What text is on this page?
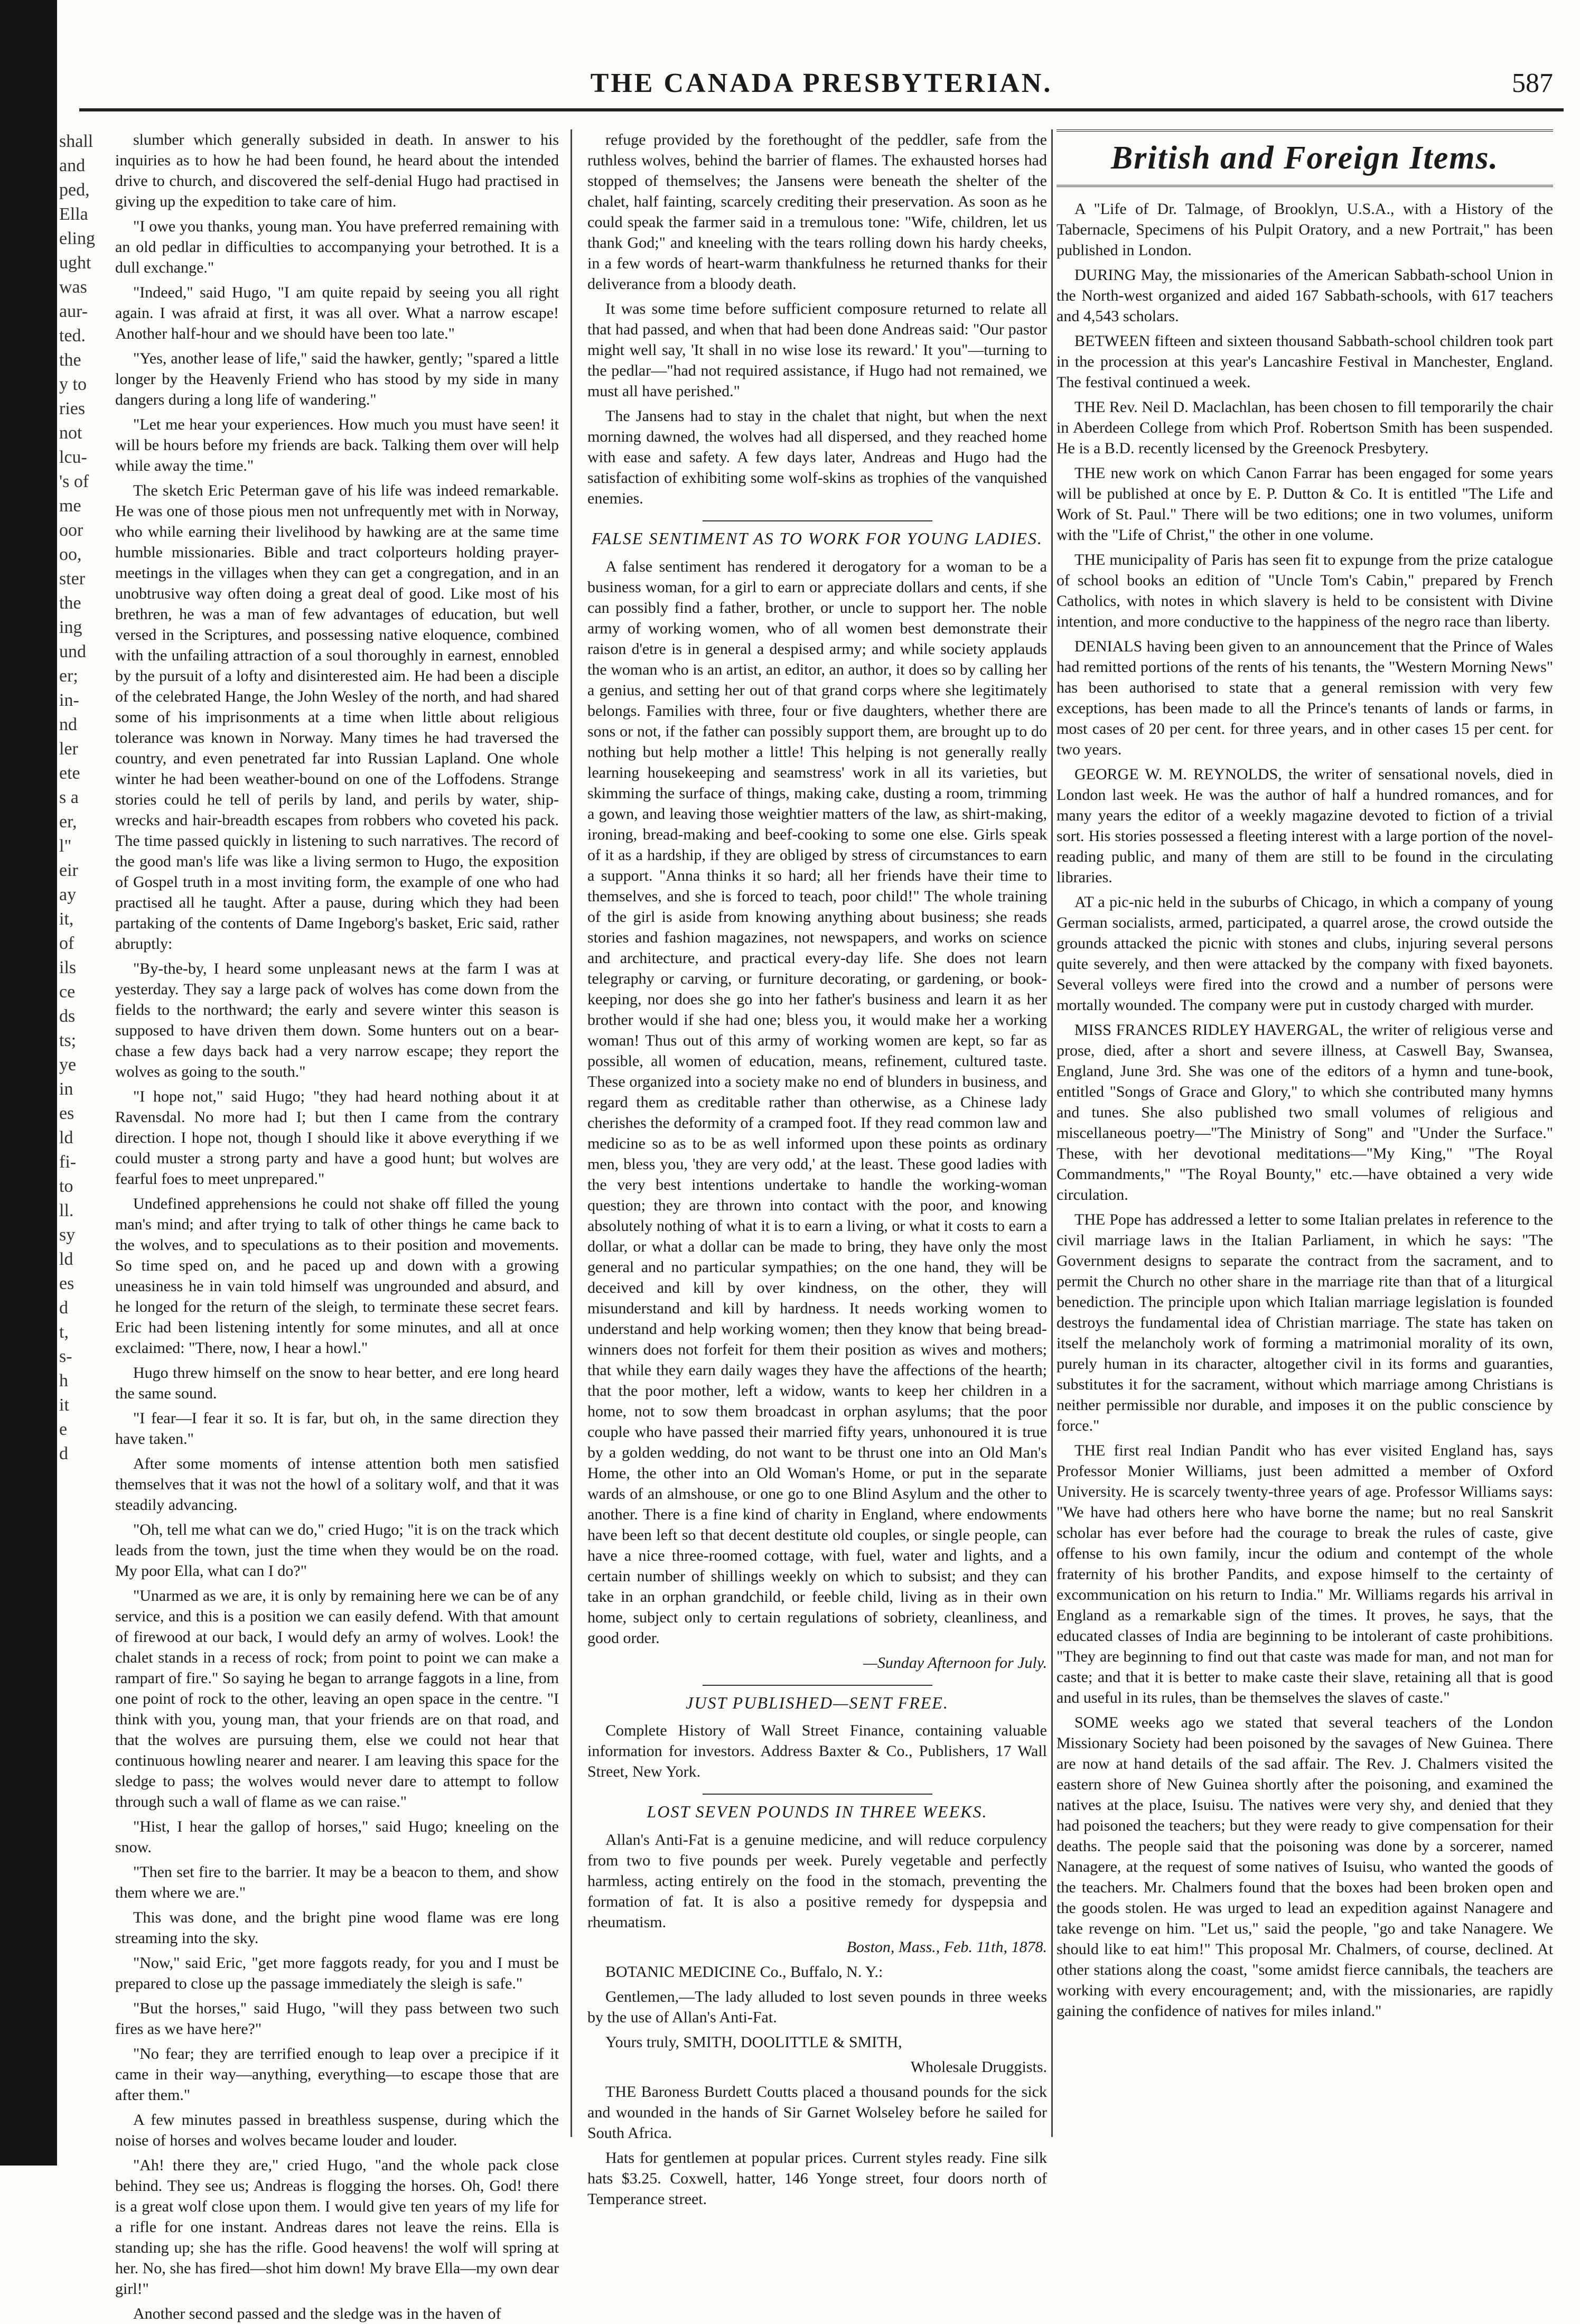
THE CANADA PRESBYTERIAN.	587
shall
and
ped,
Ella
eling
ught
was
aur-
ted.
the
y to
ries
not
lcu-
's of
me
oor
oo,
ster
the
ing
und
er;
in-
nd
ler
ete
s a
er,
l"
eir
ay
it,
of
ils
ce
ds
ts;
ye
in
es
ld
fi-
to
ll.
sy
ld
es
d
t,
s-
h
it
e
d

slumber which generally subsided in death. In answer to his inquiries as to how he had been found, he heard about the intended drive to church, and discovered the self-denial Hugo had practised in giving up the expedition to take care of him.

"I owe you thanks, young man. You have preferred remaining with an old pedlar in difficulties to accompanying your betrothed. It is a dull exchange."

"Indeed," said Hugo, "I am quite repaid by seeing you all right again. I was afraid at first, it was all over. What a narrow escape! Another half-hour and we should have been too late."

"Yes, another lease of life," said the hawker, gently; "spared a little longer by the Heavenly Friend who has stood by my side in many dangers during a long life of wandering."

"Let me hear your experiences. How much you must have seen! it will be hours before my friends are back. Talking them over will help while away the time."

The sketch Eric Peterman gave of his life was indeed remarkable. He was one of those pious men not unfrequently met with in Norway, who while earning their livelihood by hawking are at the same time humble missionaries. Bible and tract colporteurs holding prayer-meetings in the villages when they can get a congregation, and in an unobtrusive way often doing a great deal of good. Like most of his brethren, he was a man of few advantages of education, but well versed in the Scriptures, and possessing native eloquence, combined with the unfailing attraction of a soul thoroughly in earnest, ennobled by the pursuit of a lofty and disinterested aim. He had been a disciple of the celebrated Hange, the John Wesley of the north, and had shared some of his imprisonments at a time when little about religious tolerance was known in Norway. Many times he had traversed the country, and even penetrated far into Russian Lapland. One whole winter he had been weather-bound on one of the Loffodens. Strange stories could he tell of perils by land, and perils by water, ship-wrecks and hair-breadth escapes from robbers who coveted his pack. The time passed quickly in listening to such narratives. The record of the good man's life was like a living sermon to Hugo, the exposition of Gospel truth in a most inviting form, the example of one who had practised all he taught. After a pause, during which they had been partaking of the contents of Dame Ingeborg's basket, Eric said, rather abruptly:

"By-the-by, I heard some unpleasant news at the farm I was at yesterday. They say a large pack of wolves has come down from the fields to the northward; the early and severe winter this season is supposed to have driven them down. Some hunters out on a bear-chase a few days back had a very narrow escape; they report the wolves as going to the south."

"I hope not," said Hugo; "they had heard nothing about it at Ravensdal. No more had I; but then I came from the contrary direction. I hope not, though I should like it above everything if we could muster a strong party and have a good hunt; but wolves are fearful foes to meet unprepared."

Undefined apprehensions he could not shake off filled the young man's mind; and after trying to talk of other things he came back to the wolves, and to speculations as to their position and movements. So time sped on, and he paced up and down with a growing uneasiness he in vain told himself was ungrounded and absurd, and he longed for the return of the sleigh, to terminate these secret fears. Eric had been listening intently for some minutes, and all at once exclaimed: "There, now, I hear a howl."

Hugo threw himself on the snow to hear better, and ere long heard the same sound.

"I fear—I fear it so. It is far, but oh, in the same direction they have taken."

After some moments of intense attention both men satisfied themselves that it was not the howl of a solitary wolf, and that it was steadily advancing.

"Oh, tell me what can we do," cried Hugo; "it is on the track which leads from the town, just the time when they would be on the road. My poor Ella, what can I do?"

"Unarmed as we are, it is only by remaining here we can be of any service, and this is a position we can easily defend. With that amount of firewood at our back, I would defy an army of wolves. Look! the chalet stands in a recess of rock; from point to point we can make a rampart of fire." So saying he began to arrange faggots in a line, from one point of rock to the other, leaving an open space in the centre. "I think with you, young man, that your friends are on that road, and that the wolves are pursuing them, else we could not hear that continuous howling nearer and nearer. I am leaving this space for the sledge to pass; the wolves would never dare to attempt to follow through such a wall of flame as we can raise."

"Hist, I hear the gallop of horses," said Hugo; kneeling on the snow.

"Then set fire to the barrier. It may be a beacon to them, and show them where we are."

This was done, and the bright pine wood flame was ere long streaming into the sky.

"Now," said Eric, "get more faggots ready, for you and I must be prepared to close up the passage immediately the sleigh is safe."

"But the horses," said Hugo, "will they pass between two such fires as we have here?"

"No fear; they are terrified enough to leap over a precipice if it came in their way—anything, everything—to escape those that are after them."

A few minutes passed in breathless suspense, during which the noise of horses and wolves became louder and louder.

"Ah! there they are," cried Hugo, "and the whole pack close behind. They see us; Andreas is flogging the horses. Oh, God! there is a great wolf close upon them. I would give ten years of my life for a rifle for one instant. Andreas dares not leave the reins. Ella is standing up; she has the rifle. Good heavens! the wolf will spring at her. No, she has fired—shot him down! My brave Ella—my own dear girl!"

Another second passed and the sledge was in the haven of

refuge provided by the forethought of the peddler, safe from the ruthless wolves, behind the barrier of flames. The exhausted horses had stopped of themselves; the Jansens were beneath the shelter of the chalet, half fainting, scarcely crediting their preservation. As soon as he could speak the farmer said in a tremulous tone: "Wife, children, let us thank God;" and kneeling with the tears rolling down his hardy cheeks, in a few words of heart-warm thankfulness he returned thanks for their deliverance from a bloody death.

It was some time before sufficient composure returned to relate all that had passed, and when that had been done Andreas said: "Our pastor might well say, 'It shall in no wise lose its reward.' It you"—turning to the pedlar—"had not required assistance, if Hugo had not remained, we must all have perished."

The Jansens had to stay in the chalet that night, but when the next morning dawned, the wolves had all dispersed, and they reached home with ease and safety. A few days later, Andreas and Hugo had the satisfaction of exhibiting some wolf-skins as trophies of the vanquished enemies.

FALSE SENTIMENT AS TO WORK FOR YOUNG LADIES.

A false sentiment has rendered it derogatory for a woman to be a business woman, for a girl to earn or appreciate dollars and cents, if she can possibly find a father, brother, or uncle to support her. The noble army of working women, who of all women best demonstrate their raison d'etre is in general a despised army; and while society applauds the woman who is an artist, an editor, an author, it does so by calling her a genius, and setting her out of that grand corps where she legitimately belongs. Families with three, four or five daughters, whether there are sons or not, if the father can possibly support them, are brought up to do nothing but help mother a little! This helping is not generally really learning housekeeping and seamstress' work in all its varieties, but skimming the surface of things, making cake, dusting a room, trimming a gown, and leaving those weightier matters of the law, as shirt-making, ironing, bread-making and beef-cooking to some one else. Girls speak of it as a hardship, if they are obliged by stress of circumstances to earn a support. "Anna thinks it so hard; all her friends have their time to themselves, and she is forced to teach, poor child!" The whole training of the girl is aside from knowing anything about business; she reads stories and fashion magazines, not newspapers, and works on science and architecture, and practical every-day life. She does not learn telegraphy or carving, or furniture decorating, or gardening, or book-keeping, nor does she go into her father's business and learn it as her brother would if she had one; bless you, it would make her a working woman! Thus out of this army of working women are kept, so far as possible, all women of education, means, refinement, cultured taste. These organized into a society make no end of blunders in business, and regard them as creditable rather than otherwise, as a Chinese lady cherishes the deformity of a cramped foot. If they read common law and medicine so as to be as well informed upon these points as ordinary men, bless you, 'they are very odd,' at the least. These good ladies with the very best intentions undertake to handle the working-woman question; they are thrown into contact with the poor, and knowing absolutely nothing of what it is to earn a living, or what it costs to earn a dollar, or what a dollar can be made to bring, they have only the most general and no particular sympathies; on the one hand, they will be deceived and kill by over kindness, on the other, they will misunderstand and kill by hardness. It needs working women to understand and help working women; then they know that being bread-winners does not forfeit for them their position as wives and mothers; that while they earn daily wages they have the affections of the hearth; that the poor mother, left a widow, wants to keep her children in a home, not to sow them broadcast in orphan asylums; that the poor couple who have passed their married fifty years, unhonoured it is true by a golden wedding, do not want to be thrust one into an Old Man's Home, the other into an Old Woman's Home, or put in the separate wards of an almshouse, or one go to one Blind Asylum and the other to another. There is a fine kind of charity in England, where endowments have been left so that decent destitute old couples, or single people, can have a nice three-roomed cottage, with fuel, water and lights, and a certain number of shillings weekly on which to subsist; and they can take in an orphan grandchild, or feeble child, living as in their own home, subject only to certain regulations of sobriety, cleanliness, and good order.

—Sunday Afternoon for July.

JUST PUBLISHED—SENT FREE.

Complete History of Wall Street Finance, containing valuable information for investors. Address Baxter & Co., Publishers, 17 Wall Street, New York.

LOST SEVEN POUNDS IN THREE WEEKS.

Allan's Anti-Fat is a genuine medicine, and will reduce corpulency from two to five pounds per week. Purely vegetable and perfectly harmless, acting entirely on the food in the stomach, preventing the formation of fat. It is also a positive remedy for dyspepsia and rheumatism.

Boston, Mass., Feb. 11th, 1878.

BOTANIC MEDICINE Co., Buffalo, N. Y.:

Gentlemen,—The lady alluded to lost seven pounds in three weeks by the use of Allan's Anti-Fat.

Yours truly, SMITH, DOOLITTLE & SMITH,

Wholesale Druggists.

THE Baroness Burdett Coutts placed a thousand pounds for the sick and wounded in the hands of Sir Garnet Wolseley before he sailed for South Africa.

Hats for gentlemen at popular prices. Current styles ready. Fine silk hats $3.25. Coxwell, hatter, 146 Yonge street, four doors north of Temperance street.

British and Foreign Items.

A "Life of Dr. Talmage, of Brooklyn, U.S.A., with a History of the Tabernacle, Specimens of his Pulpit Oratory, and a new Portrait," has been published in London.

DURING May, the missionaries of the American Sabbath-school Union in the North-west organized and aided 167 Sabbath-schools, with 617 teachers and 4,543 scholars.

BETWEEN fifteen and sixteen thousand Sabbath-school children took part in the procession at this year's Lancashire Festival in Manchester, England. The festival continued a week.

THE Rev. Neil D. Maclachlan, has been chosen to fill temporarily the chair in Aberdeen College from which Prof. Robertson Smith has been suspended. He is a B.D. recently licensed by the Greenock Presbytery.

THE new work on which Canon Farrar has been engaged for some years will be published at once by E. P. Dutton & Co. It is entitled "The Life and Work of St. Paul." There will be two editions; one in two volumes, uniform with the "Life of Christ," the other in one volume.

THE municipality of Paris has seen fit to expunge from the prize catalogue of school books an edition of "Uncle Tom's Cabin," prepared by French Catholics, with notes in which slavery is held to be consistent with Divine intention, and more conductive to the happiness of the negro race than liberty.

DENIALS having been given to an announcement that the Prince of Wales had remitted portions of the rents of his tenants, the "Western Morning News" has been authorised to state that a general remission with very few exceptions, has been made to all the Prince's tenants of lands or farms, in most cases of 20 per cent. for three years, and in other cases 15 per cent. for two years.

GEORGE W. M. REYNOLDS, the writer of sensational novels, died in London last week. He was the author of half a hundred romances, and for many years the editor of a weekly magazine devoted to fiction of a trivial sort. His stories possessed a fleeting interest with a large portion of the novel-reading public, and many of them are still to be found in the circulating libraries.

AT a pic-nic held in the suburbs of Chicago, in which a company of young German socialists, armed, participated, a quarrel arose, the crowd outside the grounds attacked the picnic with stones and clubs, injuring several persons quite severely, and then were attacked by the company with fixed bayonets. Several volleys were fired into the crowd and a number of persons were mortally wounded. The company were put in custody charged with murder.

MISS FRANCES RIDLEY HAVERGAL, the writer of religious verse and prose, died, after a short and severe illness, at Caswell Bay, Swansea, England, June 3rd. She was one of the editors of a hymn and tune-book, entitled "Songs of Grace and Glory," to which she contributed many hymns and tunes. She also published two small volumes of religious and miscellaneous poetry—"The Ministry of Song" and "Under the Surface." These, with her devotional meditations—"My King," "The Royal Commandments," "The Royal Bounty," etc.—have obtained a very wide circulation.

THE Pope has addressed a letter to some Italian prelates in reference to the civil marriage laws in the Italian Parliament, in which he says: "The Government designs to separate the contract from the sacrament, and to permit the Church no other share in the marriage rite than that of a liturgical benediction. The principle upon which Italian marriage legislation is founded destroys the fundamental idea of Christian marriage. The state has taken on itself the melancholy work of forming a matrimonial morality of its own, purely human in its character, altogether civil in its forms and guaranties, substitutes it for the sacrament, without which marriage among Christians is neither permissible nor durable, and imposes it on the public conscience by force."

THE first real Indian Pandit who has ever visited England has, says Professor Monier Williams, just been admitted a member of Oxford University. He is scarcely twenty-three years of age. Professor Williams says: "We have had others here who have borne the name; but no real Sanskrit scholar has ever before had the courage to break the rules of caste, give offense to his own family, incur the odium and contempt of the whole fraternity of his brother Pandits, and expose himself to the certainty of excommunication on his return to India." Mr. Williams regards his arrival in England as a remarkable sign of the times. It proves, he says, that the educated classes of India are beginning to be intolerant of caste prohibitions. "They are beginning to find out that caste was made for man, and not man for caste; and that it is better to make caste their slave, retaining all that is good and useful in its rules, than be themselves the slaves of caste."

SOME weeks ago we stated that several teachers of the London Missionary Society had been poisoned by the savages of New Guinea. There are now at hand details of the sad affair. The Rev. J. Chalmers visited the eastern shore of New Guinea shortly after the poisoning, and examined the natives at the place, Isuisu. The natives were very shy, and denied that they had poisoned the teachers; but they were ready to give compensation for their deaths. The people said that the poisoning was done by a sorcerer, named Nanagere, at the request of some natives of Isuisu, who wanted the goods of the teachers. Mr. Chalmers found that the boxes had been broken open and the goods stolen. He was urged to lead an expedition against Nanagere and take revenge on him. "Let us," said the people, "go and take Nanagere. We should like to eat him!" This proposal Mr. Chalmers, of course, declined. At other stations along the coast, "some amidst fierce cannibals, the teachers are working with every encouragement; and, with the missionaries, are rapidly gaining the confidence of natives for miles inland."
